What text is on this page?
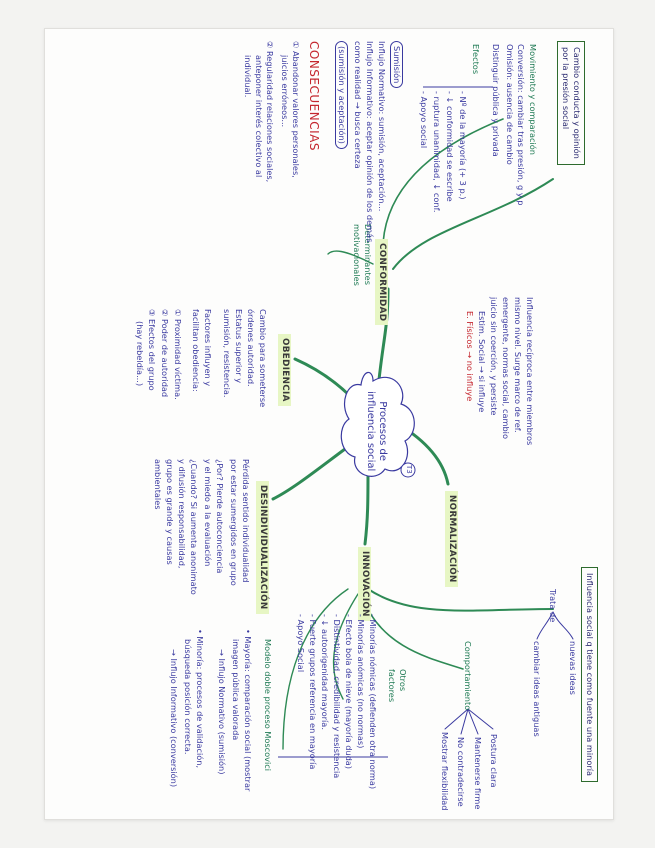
Procesos de
influencia social	T3
NORMALIZACIÓN
CONFORMIDAD
OBEDIENCIA
INNOVACIÓN
DESINDIVIDUALIZACIÓN
Cambio conducta y opinión
por la presión social
Movimiento y comparación
Conversión: cambiar tras presión, g y p
Omisión: ausencia de cambio
Distinguir pública y privada
Efectos
- Nº de la mayoría (+ 3 p.)
- ↓ conformidad se escribe
- ruptura unanimidad, ↓ conf.
- Apoyo social
Determinantes
motivacionales
Sumisión
Influjo Normativo: sumisión, aceptación...
Influjo Informativo: aceptar opinión de los demás
como realidad → busca certeza
(sumisión y aceptación)
CONSECUENCIAS
① Abandonar valores personales,
juicios erróneos...
② Regularidad relaciones sociales,
anteponer interés colectivo al
individual.
Influencia recíproca entre miembros
mismo nivel. Surge marco de ref.
emergente, normas social, cambio
juicio sin coerción, y persiste
Estim. Social → si influye
E. Físicos → no influye
Cambio para someterse
órdenes autoridad.
Estatus superior y
sumisión, resistencia.
Factores influyen y
facilitan obediencia:
① Proximidad víctima.
② Poder de autoridad
③ Efectos del grupo
(hay rebeldía...)
Pérdida sentido individualidad
por estar sumergidos en grupo
¿Por? Pierde autoconciencia
y el miedo a la evaluación
¿Cuando? Si aumenta anonimato
y difusión responsabilidad,
grupo es grande y causas
ambientales
Influencia social q tiene como fuente una minoría
Trata de
nuevas ideas
cambiar ideas antiguas
Comportamiento
Postura clara
Mantenerse firme
No contradecirse
Mostrar flexibilidad
Otros
factores
- Minorías nómicas (defienden otra norma)
- Minorías anómicas (no normas)
- Efecto bola de nieve (mayoría duda)
- Distintividad, credibilidad y resistencia
- ↓ autoorigenidad mayoría.
- Fuerte grupos referencia en mayoría
- Apoyo Social
Modelo doble proceso Moscovici
• Mayoría: comparación social (mostrar
imagen pública valorada
→ Influjo Normativo (sumisión)
• Minoría: procesos de validación,
búsqueda posición correcta.
→ Influjo Informativo (conversión)
